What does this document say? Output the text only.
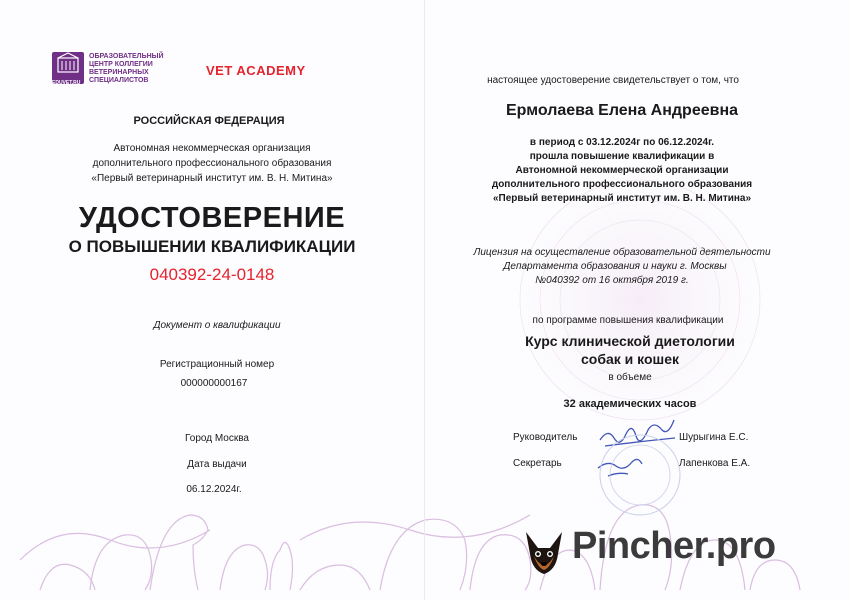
EDUVET.RU
ОБРАЗОВАТЕЛЬНЫЙ
ЦЕНТР КОЛЛЕГИИ
ВЕТЕРИНАРНЫХ
СПЕЦИАЛИСТОВ
VET ACADEMY
РОССИЙСКАЯ ФЕДЕРАЦИЯ
Автономная некоммерческая организация
дополнительного профессионального образования
«Первый ветеринарный институт им. В. Н. Митина»
УДОСТОВЕРЕНИЕ
О ПОВЫШЕНИИ КВАЛИФИКАЦИИ
040392-24-0148
Документ о квалификации
Регистрационный номер
000000000167
Город Москва
Дата выдачи
06.12.2024г.
настоящее удостоверение свидетельствует о том, что
Ермолаева Елена Андреевна
в период с 03.12.2024г по 06.12.2024г.
прошла повышение квалификации в
Автономной некоммерческой организации
дополнительного профессионального образования
«Первый ветеринарный институт им. В. Н. Митина»
Лицензия на осуществление образовательной деятельности
Департамента образования и науки г. Москвы
№040392 от 16 октября 2019 г.
по программе повышения квалификации
Курс клинической диетологии
собак и кошек
в объеме
32 академических часов
Руководитель	Шурыгина Е.С.
Секретарь	Лапенкова Е.А.
Pincher.pro
